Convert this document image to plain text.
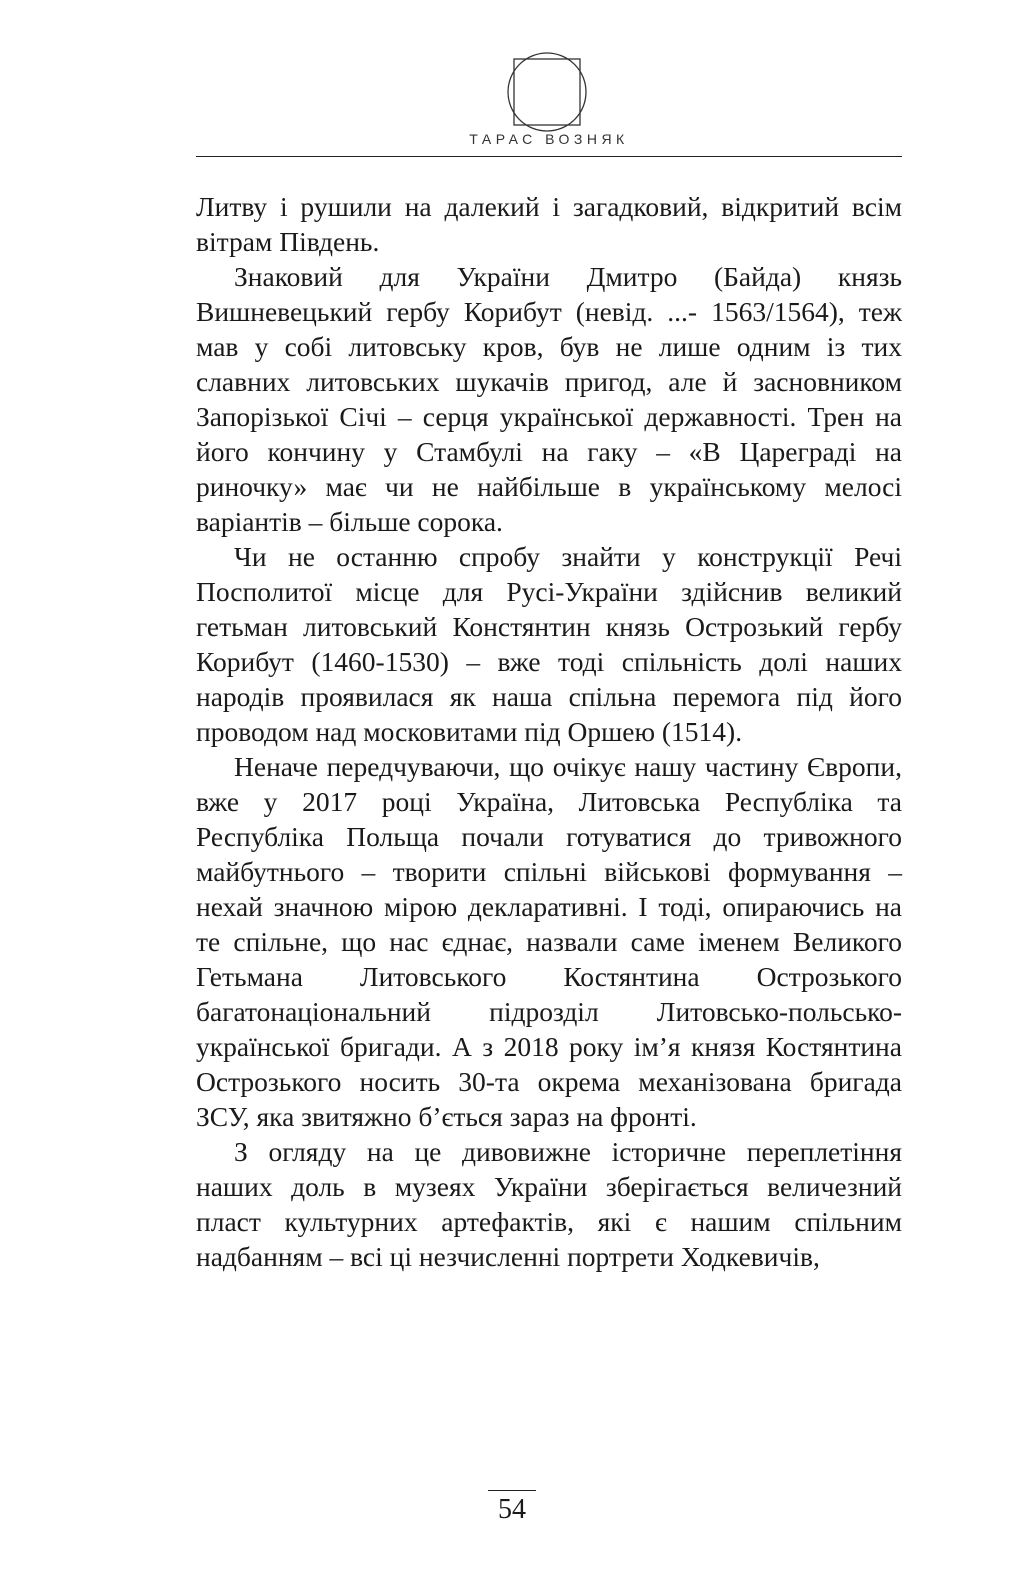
ТАРАС ВОЗНЯК

Литву і рушили на далекий і загадковий, відкритий всім вітрам Південь.

Знаковий для України Дмитро (Байда) князь Вишневецький гербу Корибут (невід. ...- 1563/1564), теж мав у собі литовську кров, був не лише одним із тих славних литовських шукачів пригод, але й засновником Запорізької Січі – серця української державності. Трен на його кончину у Стамбулі на гаку – «В Цареграді на риночку» має чи не найбільше в українському мелосі варіантів – більше сорока.

Чи не останню спробу знайти у конструкції Речі Посполитої місце для Русі-України здійснив великий гетьман литовський Констянтин князь Острозький гербу Корибут (1460-1530) – вже тоді спільність долі наших народів проявилася як наша спільна перемога під його проводом над московитами під Оршею (1514).

Неначе передчуваючи, що очікує нашу частину Європи, вже у 2017 році Україна, Литовська Республіка та Республіка Польща почали готуватися до тривожного майбутнього – творити спільні військові формування – нехай значною мірою декларативні. І тоді, опираючись на те спільне, що нас єднає, назвали саме іменем Великого Гетьмана Литовського Костянтина Острозького багатонаціональний підрозділ Литовсько-польсько-української бригади. А з 2018 року ім’я князя Костянтина Острозького носить 30-та окрема механізована бригада ЗСУ, яка звитяжно б’ється зараз на фронті.

З огляду на це дивовижне історичне переплетіння наших доль в музеях України зберігається величезний пласт культурних артефактів, які є нашим спільним надбанням – всі ці незчисленні портрети Ходкевичів,

54
